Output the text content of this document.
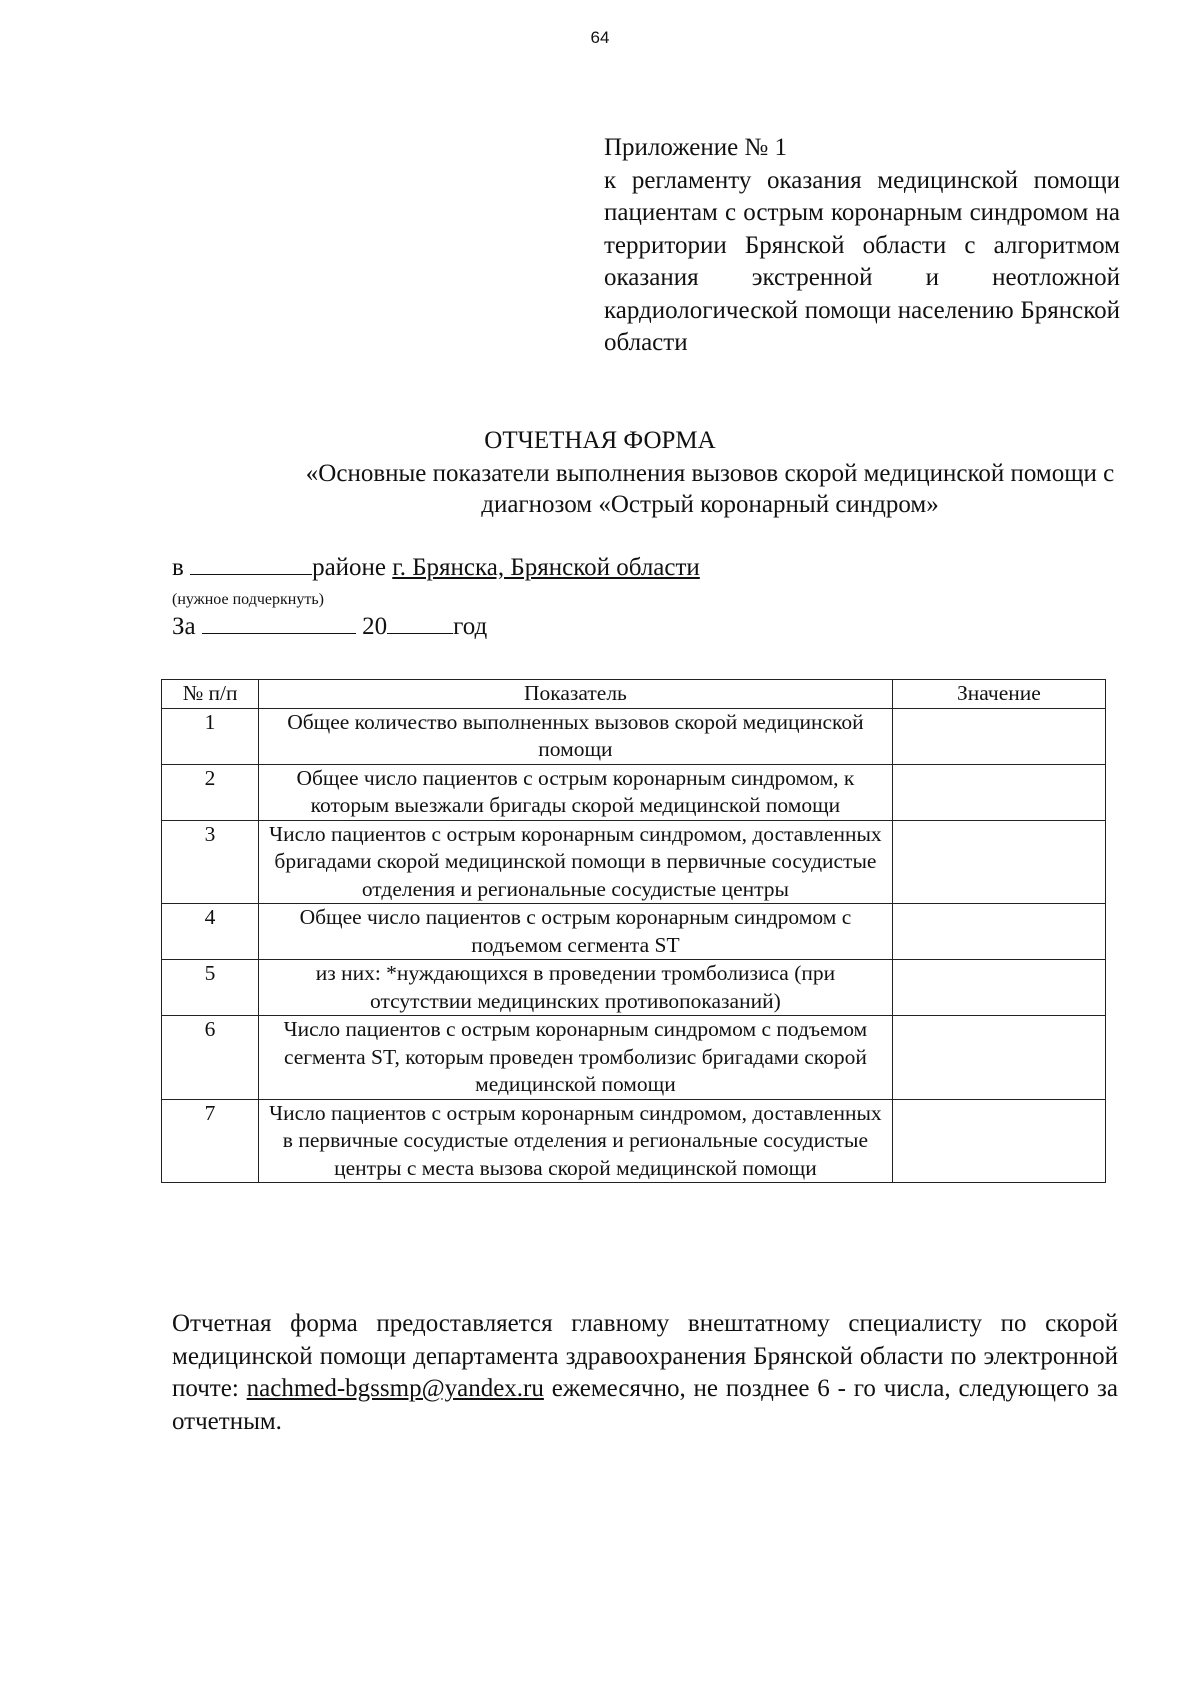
64
Приложение № 1
к регламенту оказания медицинской помощи пациентам с острым коронарным синдромом на территории Брянской области с алгоритмом оказания экстренной и неотложной кардиологической помощи населению Брянской области
ОТЧЕТНАЯ ФОРМА
«Основные показатели выполнения вызовов скорой медицинской помощи с диагнозом «Острый коронарный синдром»
в	районе г. Брянска, Брянской области
(нужное подчеркнуть)
За	20	год
№ п/п	Показатель	Значение
1	Общее количество выполненных вызовов скорой медицинской помощи	
2	Общее число пациентов с острым коронарным синдромом, к которым выезжали бригады скорой медицинской помощи	
3	Число пациентов с острым коронарным синдромом, доставленных бригадами скорой медицинской помощи в первичные сосудистые отделения и региональные сосудистые центры	
4	Общее число пациентов с острым коронарным синдромом с подъемом сегмента ST	
5	из них: *нуждающихся в проведении тромболизиса (при отсутствии медицинских противопоказаний)	
6	Число пациентов с острым коронарным синдромом с подъемом сегмента ST, которым проведен тромболизис бригадами скорой медицинской помощи	
7	Число пациентов с острым коронарным синдромом, доставленных в первичные сосудистые отделения и региональные сосудистые центры с места вызова скорой медицинской помощи	
Отчетная форма предоставляется главному внештатному специалисту по скорой медицинской помощи департамента здравоохранения Брянской области по электронной почте: nachmed-bgssmp@yandex.ru ежемесячно, не позднее 6 - го числа, следующего за отчетным.
